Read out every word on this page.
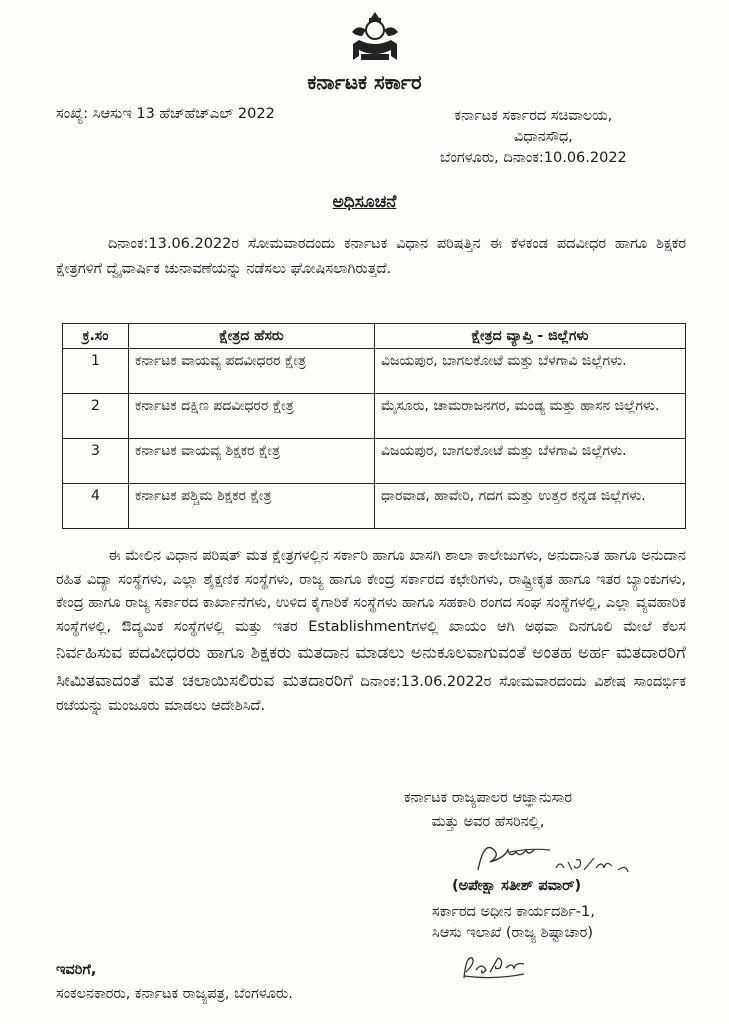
ಕರ್ನಾಟಕ ಸರ್ಕಾರ
ಸಂಖ್ಯೆ: ಸಿಆಸುಇ 13 ಹೆಚ್‌ಹೆಚ್‌ಎಲ್ 2022	ಕರ್ನಾಟಕ ಸರ್ಕಾರದ ಸಚಿವಾಲಯ,
ವಿಧಾನಸೌಧ,
ಬೆಂಗಳೂರು, ದಿನಾಂಕ:10.06.2022
ಅಧಿಸೂಚನೆ
ದಿನಾಂಕ:13.06.2022ರ ಸೋಮವಾರದಂದು ಕರ್ನಾಟಕ ವಿಧಾನ ಪರಿಷತ್ತಿನ ಈ ಕೆಳಕಂಡ ಪದವೀಧರ ಹಾಗೂ ಶಿಕ್ಷಕರ ಕ್ಷೇತ್ರಗಳಿಗೆ ದ್ವೈವಾರ್ಷಿಕ ಚುನಾವಣೆಯನ್ನು ನಡೆಸಲು ಘೋಷಿಸಲಾಗಿರುತ್ತದೆ.
ಕ್ರ.ಸಂ	ಕ್ಷೇತ್ರದ ಹೆಸರು	ಕ್ಷೇತ್ರದ ವ್ಯಾಪ್ತಿ - ಜಿಲ್ಲೆಗಳು
1	ಕರ್ನಾಟಕ ವಾಯವ್ಯ ಪದವೀಧರರ ಕ್ಷೇತ್ರ	ವಿಜಯಪುರ, ಬಾಗಲಕೋಟೆ ಮತ್ತು ಬೆಳಗಾವಿ ಜಿಲ್ಲೆಗಳು.
2	ಕರ್ನಾಟಕ ದಕ್ಷಿಣ ಪದವೀಧರರ ಕ್ಷೇತ್ರ	ಮೈಸೂರು, ಚಾಮರಾಜನಗರ, ಮಂಡ್ಯ ಮತ್ತು ಹಾಸನ ಜಿಲ್ಲೆಗಳು.
3	ಕರ್ನಾಟಕ ವಾಯವ್ಯ ಶಿಕ್ಷಕರ ಕ್ಷೇತ್ರ	ವಿಜಯಪುರ, ಬಾಗಲಕೋಟೆ ಮತ್ತು ಬೆಳಗಾವಿ ಜಿಲ್ಲೆಗಳು.
4	ಕರ್ನಾಟಕ ಪಶ್ಚಿಮ ಶಿಕ್ಷಕರ ಕ್ಷೇತ್ರ	ಧಾರವಾಡ, ಹಾವೇರಿ, ಗದಗ ಮತ್ತು ಉತ್ತರ ಕನ್ನಡ ಜಿಲ್ಲೆಗಳು.
ಈ ಮೇಲಿನ ವಿಧಾನ ಪರಿಷತ್ ಮತ ಕ್ಷೇತ್ರಗಳಲ್ಲಿನ ಸರ್ಕಾರಿ ಹಾಗೂ ಖಾಸಗಿ ಶಾಲಾ ಕಾಲೇಜುಗಳು, ಅನುದಾನಿತ ಹಾಗೂ ಅನುದಾನ ರಹಿತ ವಿದ್ಯಾ ಸಂಸ್ಥೆಗಳು, ಎಲ್ಲಾ ಶೈಕ್ಷಣಿಕ ಸಂಸ್ಥೆಗಳು, ರಾಜ್ಯ ಹಾಗೂ ಕೇಂದ್ರ ಸರ್ಕಾರದ ಕಛೇರಿಗಳು, ರಾಷ್ಟ್ರೀಕೃತ ಹಾಗೂ ಇತರ ಬ್ಯಾಂಕುಗಳು, ಕೇಂದ್ರ ಹಾಗೂ ರಾಜ್ಯ ಸರ್ಕಾರದ ಕಾರ್ಖಾನೆಗಳು, ಉಳಿದ ಕೈಗಾರಿಕೆ ಸಂಸ್ಥೆಗಳು ಹಾಗೂ ಸಹಕಾರಿ ರಂಗದ ಸಂಘ ಸಂಸ್ಥೆಗಳಲ್ಲಿ, ಎಲ್ಲಾ ವ್ಯವಹಾರಿಕ ಸಂಸ್ಥೆಗಳಲ್ಲಿ, ಔದ್ಯಮಿಕ ಸಂಸ್ಥೆಗಳಲ್ಲಿ ಮತ್ತು ಇತರ Establishmentಗಳಲ್ಲಿ ಖಾಯಂ ಆಗಿ ಅಥವಾ ದಿನಗೂಲಿ ಮೇಲೆ ಕೆಲಸ ನಿರ್ವಹಿಸುವ ಪದವೀಧರರು ಹಾಗೂ ಶಿಕ್ಷಕರು ಮತದಾನ ಮಾಡಲು ಅನುಕೂಲವಾಗುವಂತೆ ಅಂತಹ ಅರ್ಹ ಮತದಾರರಿಗೆ ಸೀಮಿತವಾದಂತೆ ಮತ ಚಲಾಯಿಸಲಿರುವ ಮತದಾರರಿಗೆ ದಿನಾಂಕ:13.06.2022ರ ಸೋಮವಾರದಂದು ವಿಶೇಷ ಸಾಂದರ್ಭಿಕ ರಜೆಯನ್ನು ಮಂಜೂರು ಮಾಡಲು ಆದೇಶಿಸಿದೆ.
ಕರ್ನಾಟಕ ರಾಜ್ಯಪಾಲರ ಆಜ್ಞಾನುಸಾರ
ಮತ್ತು ಅವರ ಹೆಸರಿನಲ್ಲಿ,
(ಅಪೇಕ್ಷಾ ಸತೀಶ್ ಪವಾರ್)
ಸರ್ಕಾರದ ಅಧೀನ ಕಾರ್ಯದರ್ಶಿ-1,
ಸಿಆಸು ಇಲಾಖೆ (ರಾಜ್ಯ ಶಿಷ್ಟಾಚಾರ)
ಇವರಿಗೆ,
ಸಂಕಲನಕಾರರು, ಕರ್ನಾಟಕ ರಾಜ್ಯಪತ್ರ, ಬೆಂಗಳೂರು.
